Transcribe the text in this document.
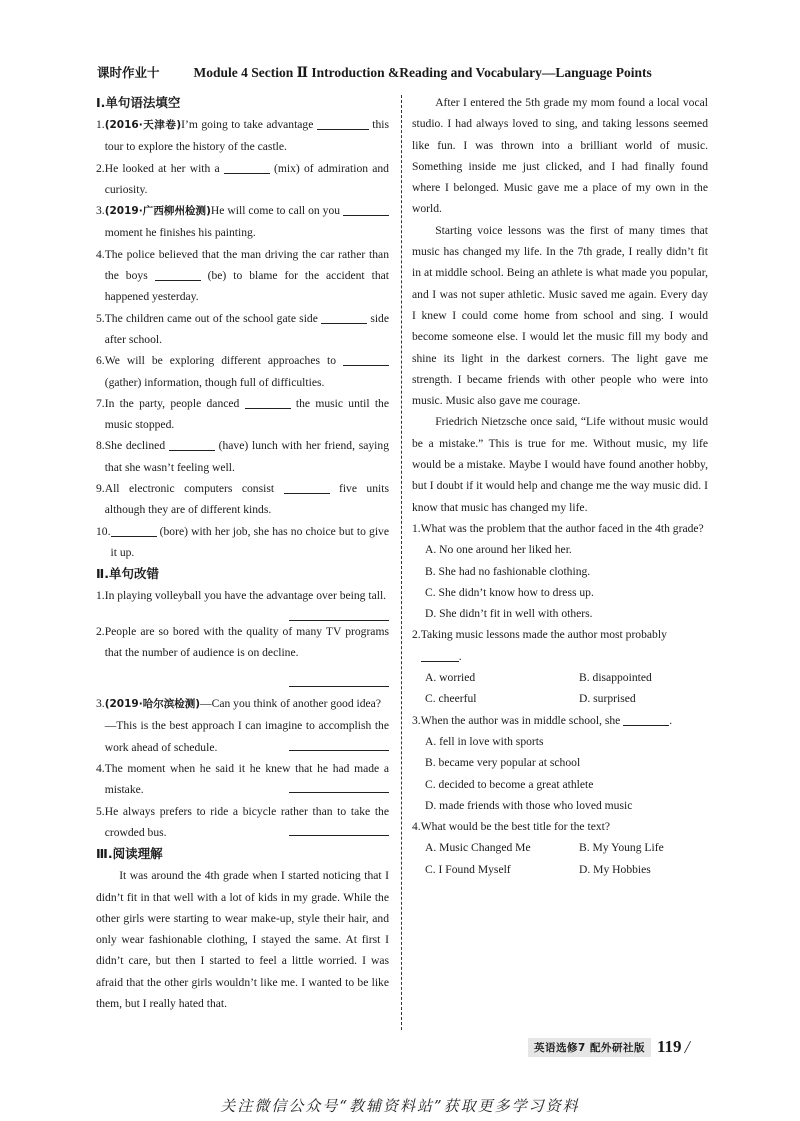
课时作业十	Module 4 Section Ⅱ Introduction &Reading and Vocabulary—Language Points
Ⅰ.单句语法填空
1. (2016·天津卷)I’m going to take advantage	this tour to explore the history of the castle.
2. He looked at her with a	(mix) of admiration and curiosity.
3. (2019·广西柳州检测)He will come to call on you  moment he finishes his painting.
4. The police believed that the man driving the car rather than the boys	(be) to blame for the accident that happened yesterday.
5. The children came out of the school gate side	side after school.
6. We will be exploring different approaches to  (gather) information, though full of difficulties.
7. In the party, people danced	the music until the music stopped.
8. She declined	(have) lunch with her friend, saying that she wasn’t feeling well.
9. All electronic computers consist	five units although they are of different kinds.
10.	(bore) with her job, she has no choice but to give it up.
Ⅱ.单句改错
1. In playing volleyball you have the advantage over being tall.
2. People are so bored with the quality of many TV programs that the number of audience is on decline.
3. (2019·哈尔滨检测)—Can you think of another good idea?
—This is the best approach I can imagine to accomplish the work ahead of schedule.
4. The moment when he said it he knew that he had made a mistake.
5. He always prefers to ride a bicycle rather than to take the crowded bus.
Ⅲ.阅读理解
It was around the 4th grade when I started noticing that I didn’t fit in that well with a lot of kids in my grade. While the other girls were starting to wear make-up, style their hair, and only wear fashionable clothing, I stayed the same. At first I didn’t care, but then I started to feel a little worried. I was afraid that the other girls wouldn’t like me. I wanted to be like them, but I really hated that.
After I entered the 5th grade my mom found a local vocal studio. I had always loved to sing, and taking lessons seemed like fun. I was thrown into a brilliant world of music. Something inside me just clicked, and I had finally found where I belonged. Music gave me a place of my own in the world.
Starting voice lessons was the first of many times that music has changed my life. In the 7th grade, I really didn’t fit in at middle school. Being an athlete is what made you popular, and I was not super athletic. Music saved me again. Every day I knew I could come home from school and sing. I would become someone else. I would let the music fill my body and shine its light in the darkest corners. The light gave me strength. I became friends with other people who were into music. Music also gave me courage.
Friedrich Nietzsche once said, “Life without music would be a mistake.” This is true for me. Without music, my life would be a mistake. Maybe I would have found another hobby, but I doubt if it would help and change me the way music did. I know that music has changed my life.
1. What was the problem that the author faced in the 4th grade?
A. No one around her liked her.
B. She had no fashionable clothing.
C. She didn’t know how to dress up.
D. She didn’t fit in well with others.
2. Taking music lessons made the author most probably
.
A. worried	B. disappointed
C. cheerful	D. surprised
3. When the author was in middle school, she	.
A. fell in love with sports
B. became very popular at school
C. decided to become a great athlete
D. made friends with those who loved music
4. What would be the best title for the text?
A. Music Changed Me	B. My Young Life
C. I Found Myself	D. My Hobbies
英语选修7 配外研社版 119 /
关注微信公众号“教辅资料站”获取更多学习资料
